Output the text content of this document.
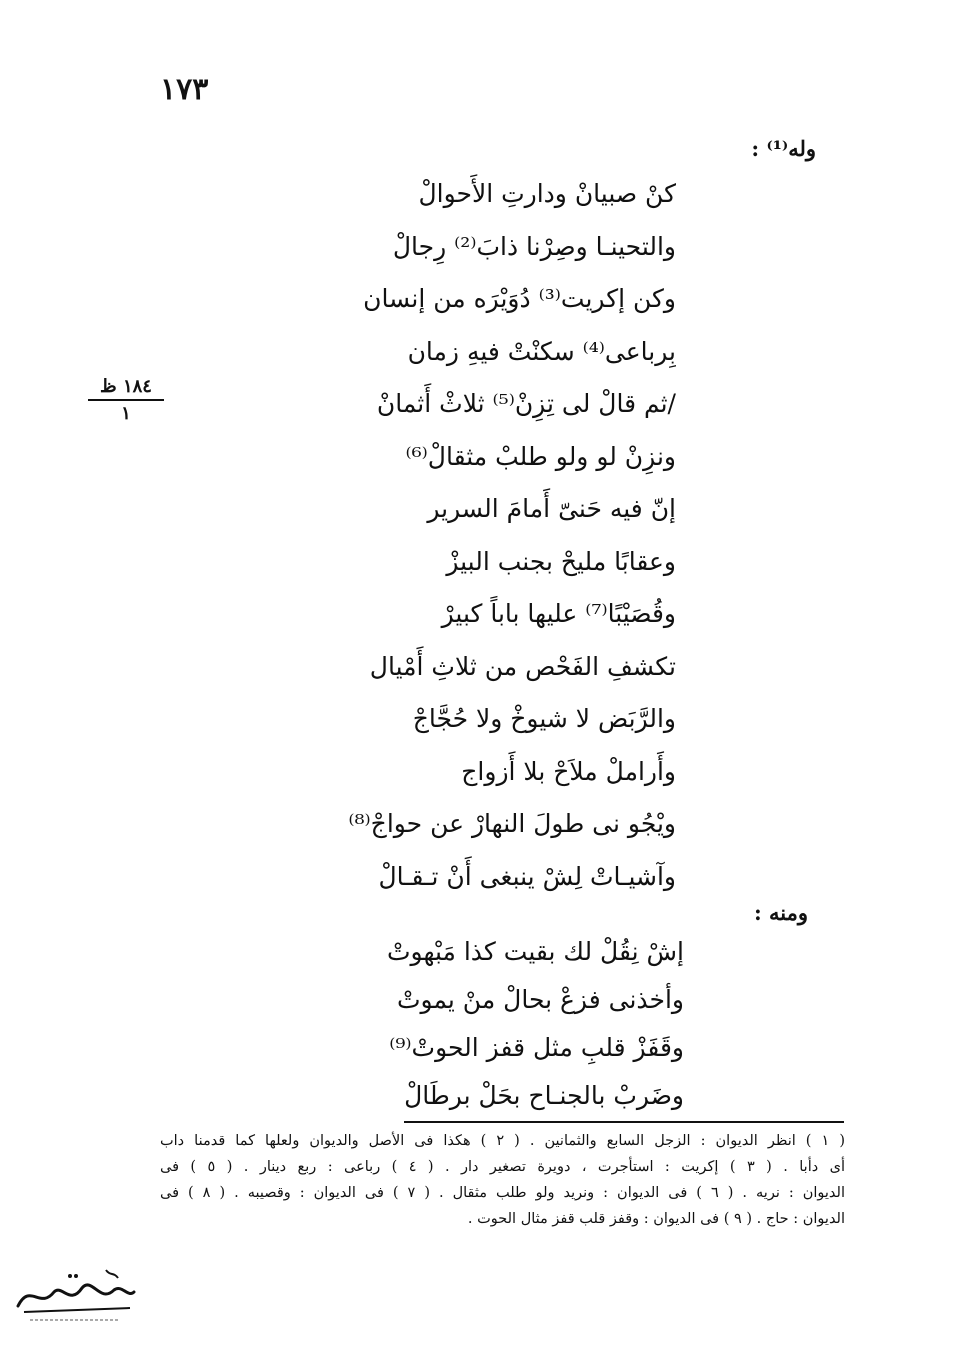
١٧٣
وله⁽¹⁾ :
١٨٤ ظ
١
كنْ صبيانْ ودارتِ الأَحوالْ
والتحينـا وصِرْنا ذابَ⁽²⁾ رِجالْ
وكن إكريت⁽³⁾ دُوَيْرَه من إنسان
بِرباعى⁽⁴⁾ سكنْتْ فيهِ زمان
/ثم قالْ لى تِزِنْ⁽⁵⁾ ثلاثْ أَثمانْ
ونزِنْ لو ولو طلبْ مثقالْ⁽⁶⁾
إنّ فيه حَنىّ أَمامَ السرير
وعقابًا مليحْ بجنب البيزْ
وقُصَيْبًا⁽⁷⁾ عليها باباً كبيرْ
تكشفِ الفَحْص من ثلاثِ أَمْيال
والرَّبَض لا شيوخْ ولا حُجَّاجْ
وأَراملْ ملاَحْ بلا أَزواج
ويْجُو نى طولَ النهارْ عن حواجْ⁽⁸⁾
وآشيـاتْ لِشْ ينبغى أَنْ تـقـالْ
ومنه :
إشْ نِقُلْ لك بقيت كذا مَبْهوتْ
وأخذنى فزعْ بحالْ منْ يموتْ
وقَفَزْ قلبِ مثل قفز الحوتْ⁽⁹⁾
وضَربْ بالجنـاح بحَلْ برطَالْ
( ١ ) انظر الديوان : الزجل السابع والثمانين . ( ٢ ) هكذا فى الأصل والديوان ولعلها كما قدمنا داب
أى دأبا . ( ٣ ) إكريت : استأجرت ، دويرة تصغير دار . ( ٤ ) رباعى : ربع دينار . ( ٥ ) فى
الديوان : نريه . ( ٦ ) فى الديوان : ونريد ولو طلب مثقال . ( ٧ ) فى الديوان : وقصيبه . ( ٨ ) فى
الديوان : حاج . ( ٩ ) فى الديوان : وقفز قلب قفز مثال الحوت .
